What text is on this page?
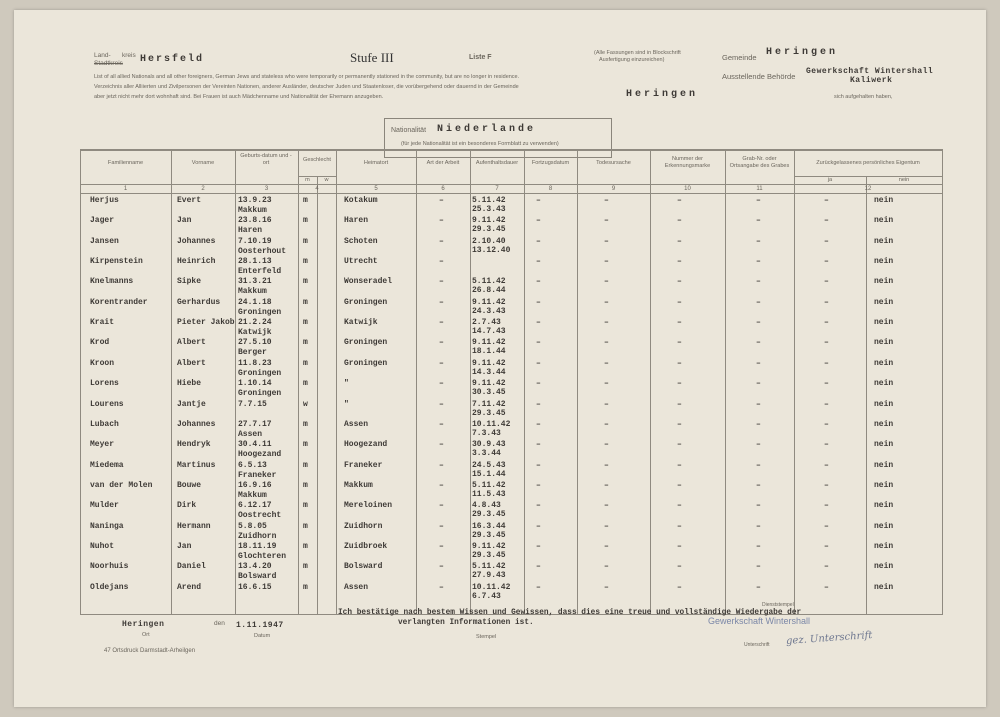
Land- kreis
Stadtkreis Hersfeld	Stufe III	Liste F
(Alle Fassungen sind in Blockschrift
Ausfertigung einzureichen)	Gemeinde Heringen
Ausstellende Behörde
Gewerkschaft Wintershall
Kaliwerk
List of all allied Nationals and all other foreigners, German Jews and stateless who were temporarily or permanently stationed in the community, but are no longer in residence.
Verzeichnis aller Alliierten und Zivilpersonen der Vereinten Nationen, anderer Ausländer, deutscher Juden und Staatenloser, die vorübergehend oder dauernd in der Gemeinde
Heringen	sich aufgehalten haben,
aber jetzt nicht mehr dort wohnhaft sind. Bei Frauen ist auch Mädchenname und Nationalität der Ehemann anzugeben.
Nationalität Niederlande
(für jede Nationalität ist ein besonderes Formblatt zu verwenden)
Familienname	Vorname
Geburts-datum und -ort	Geschlecht
m	w
Heimatort	Art der Arbeit	Aufenthaltsdauer	Fortzugsdatum	Todesursache
Nummer der Erkennungsmarke
Grab-Nr. oder Ortsangabe des Grabes	Zurückgelassenes persönliches Eigentum
ja	nein
1	2	3	4	5	6	7	8	9	10	11	12
Herjus	Evert	13.9.23
Makkum
m	Kotakum	–	5.11.42
25.3.43
–	–	–	–	–	nein
Jager	Jan	23.8.16
Haren
m	Haren	–	9.11.42
29.3.45
–	–	–	–	–	nein
Jansen	Johannes	7.10.19
Oosterhout
m	Schoten	–	2.10.40
13.12.40
–	–	–	–	–	nein
Kirpenstein	Heinrich	28.1.13
Enterfeld
m	Utrecht	–	–	–	–	–	–	nein
Knelmanns	Sipke	31.3.21
Makkum
m	Wonseradel	–	5.11.42
26.8.44
–	–	–	–	–	nein
Korentrander	Gerhardus 24.1.18
Groningen
m	Groningen	–	9.11.42
24.3.43
–	–	–	–	–	nein
Krait	Pieter Jakob 21.2.24
Katwijk
m	Katwijk	–	2.7.43
14.7.43
–	–	–	–	–	nein
Krod	Albert	27.5.10
Berger
m	Groningen	–	9.11.42
18.1.44
–	–	–	–	–	nein
Kroon	Albert	11.8.23
Groningen
m	Groningen	–	9.11.42
14.3.44
–	–	–	–	–	nein
Lorens	Hiebe	1.10.14
Groningen
m	"	–	9.11.42
30.3.45
–	–	–	–	–	nein
Lourens	Jantje	7.7.15	w	"	–	7.11.42
29.3.45
–	–	–	–	–	nein
Lubach	Johannes	27.7.17
Assen
m	Assen	–	10.11.42
7.3.43
–	–	–	–	–	nein
Meyer	Hendryk	30.4.11
Hoogezand
m	Hoogezand	–	30.9.43
3.3.44
–	–	–	–	–	nein
Miedema	Martinus	6.5.13
Franeker
m	Franeker	–	24.5.43
15.1.44
–	–	–	–	–	nein
van der Molen	Bouwe	16.9.16
Makkum
m	Makkum	–	5.11.42
11.5.43
–	–	–	–	–	nein
Mulder	Dirk	6.12.17
Oostrecht
m	Mereloinen	–	4.8.43
29.3.45
–	–	–	–	–	nein
Naninga	Hermann	5.8.05
Zuidhorn
m	Zuidhorn	–	16.3.44
29.3.45
–	–	–	–	–	nein
Nuhot	Jan	18.11.19
Glochteren
m	Zuidbroek	–	9.11.42
29.3.45
–	–	–	–	–	nein
Noorhuis	Daniel	13.4.20
Bolsward
m	Bolsward	–	5.11.42
27.9.43
–	–	–	–	–	nein
Oldejans	Arend	16.6.15	m	Assen	–	10.11.42
6.7.43
–	–	–	–	–	nein
Heringen
Ort
den 1.11.1947
Datum
Ich bestätige nach bestem Wissen und Gewissen, dass dies eine treue und vollständige Wiedergabe der
verlangten Informationen ist.
Stempel
Dienststempel
Gewerkschaft Wintershall
gez. Unterschrift
Unterschrift
47 Ortsdruck Darmstadt-Arheilgen
